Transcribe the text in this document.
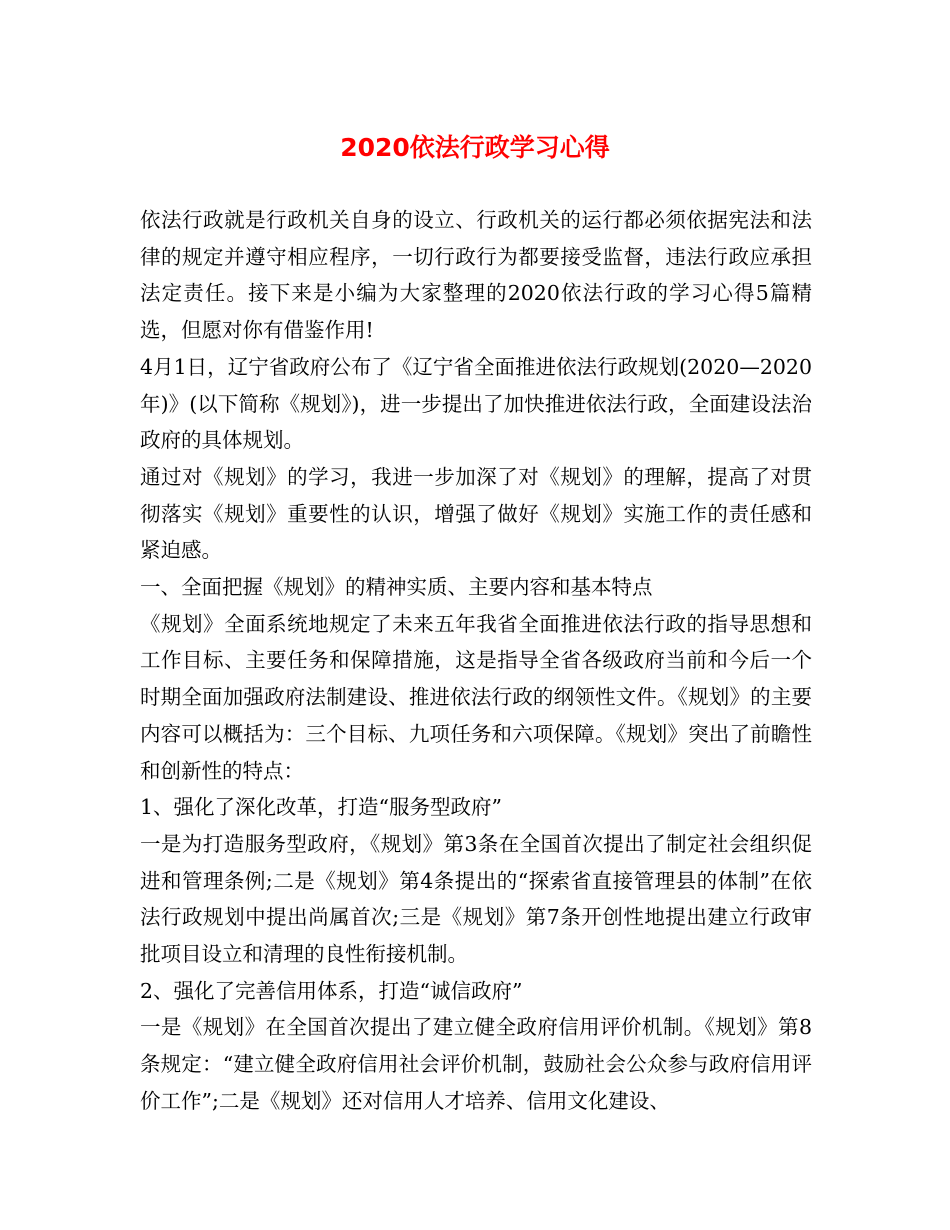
2020依法行政学习心得

依法行政就是行政机关自身的设立、行政机关的运行都必须依据宪法和法律的规定并遵守相应程序，一切行政行为都要接受监督，违法行政应承担法定责任。接下来是小编为大家整理的2020依法行政的学习心得5篇精选，但愿对你有借鉴作用!

4月1日，辽宁省政府公布了《辽宁省全面推进依法行政规划(2020—2020年)》(以下简称《规划》)，进一步提出了加快推进依法行政，全面建设法治政府的具体规划。

通过对《规划》的学习，我进一步加深了对《规划》的理解，提高了对贯彻落实《规划》重要性的认识，增强了做好《规划》实施工作的责任感和紧迫感。

一、全面把握《规划》的精神实质、主要内容和基本特点

《规划》全面系统地规定了未来五年我省全面推进依法行政的指导思想和工作目标、主要任务和保障措施，这是指导全省各级政府当前和今后一个时期全面加强政府法制建设、推进依法行政的纲领性文件。《规划》的主要内容可以概括为：三个目标、九项任务和六项保障。《规划》突出了前瞻性和创新性的特点：

1、强化了深化改革，打造“服务型政府”

一是为打造服务型政府，《规划》第3条在全国首次提出了制定社会组织促进和管理条例;二是《规划》第4条提出的“探索省直接管理县的体制”在依法行政规划中提出尚属首次;三是《规划》第7条开创性地提出建立行政审批项目设立和清理的良性衔接机制。

2、强化了完善信用体系，打造“诚信政府”

一是《规划》在全国首次提出了建立健全政府信用评价机制。《规划》第8条规定：“建立健全政府信用社会评价机制，鼓励社会公众参与政府信用评价工作”;二是《规划》还对信用人才培养、信用文化建设、
